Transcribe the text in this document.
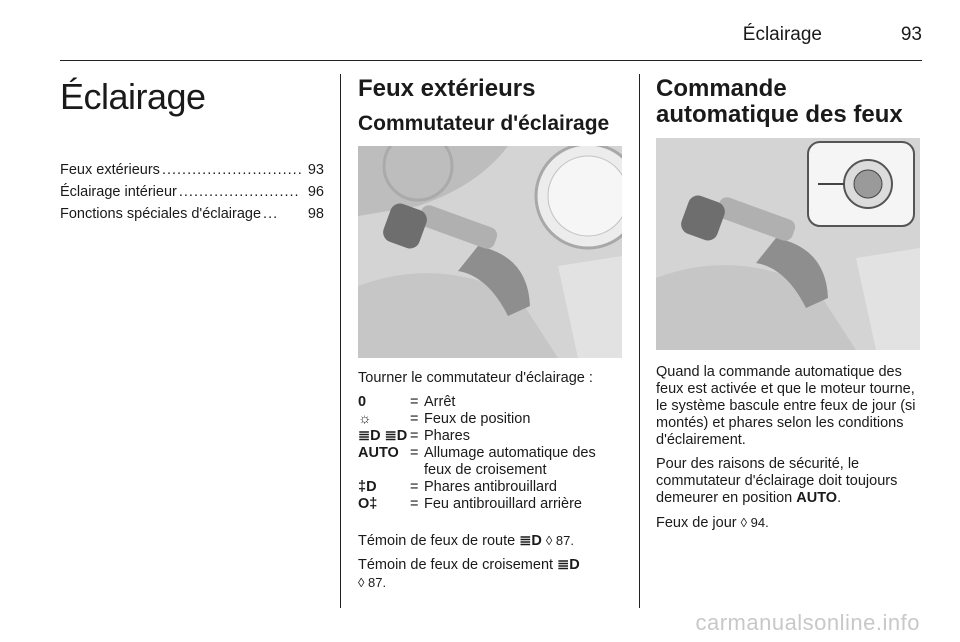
Éclairage	93
Éclairage
Feux extérieurs ............................ 93
Éclairage intérieur ........................ 96
Fonctions spéciales d'éclairage ...	98
Feux extérieurs
Commutateur d'éclairage

Tourner le commutateur d'éclairage :

0	=	Arrêt
☼	=	Feux de position
≣D ≣D	=	Phares
AUTO	=	Allumage automatique des feux de croisement
‡D	=	Phares antibrouillard
O‡	=	Feu antibrouillard arrière

Témoin de feux de route ≣D ◊ 87.

Témoin de feux de croisement ≣D
◊ 87.

Commande automatique des feux

Quand la commande automatique des feux est activée et que le moteur tourne, le système bascule entre feux de jour (si montés) et phares selon les conditions d'éclairement.

Pour des raisons de sécurité, le commutateur d'éclairage doit toujours demeurer en position AUTO.

Feux de jour ◊ 94.

carmanualsonline.info
